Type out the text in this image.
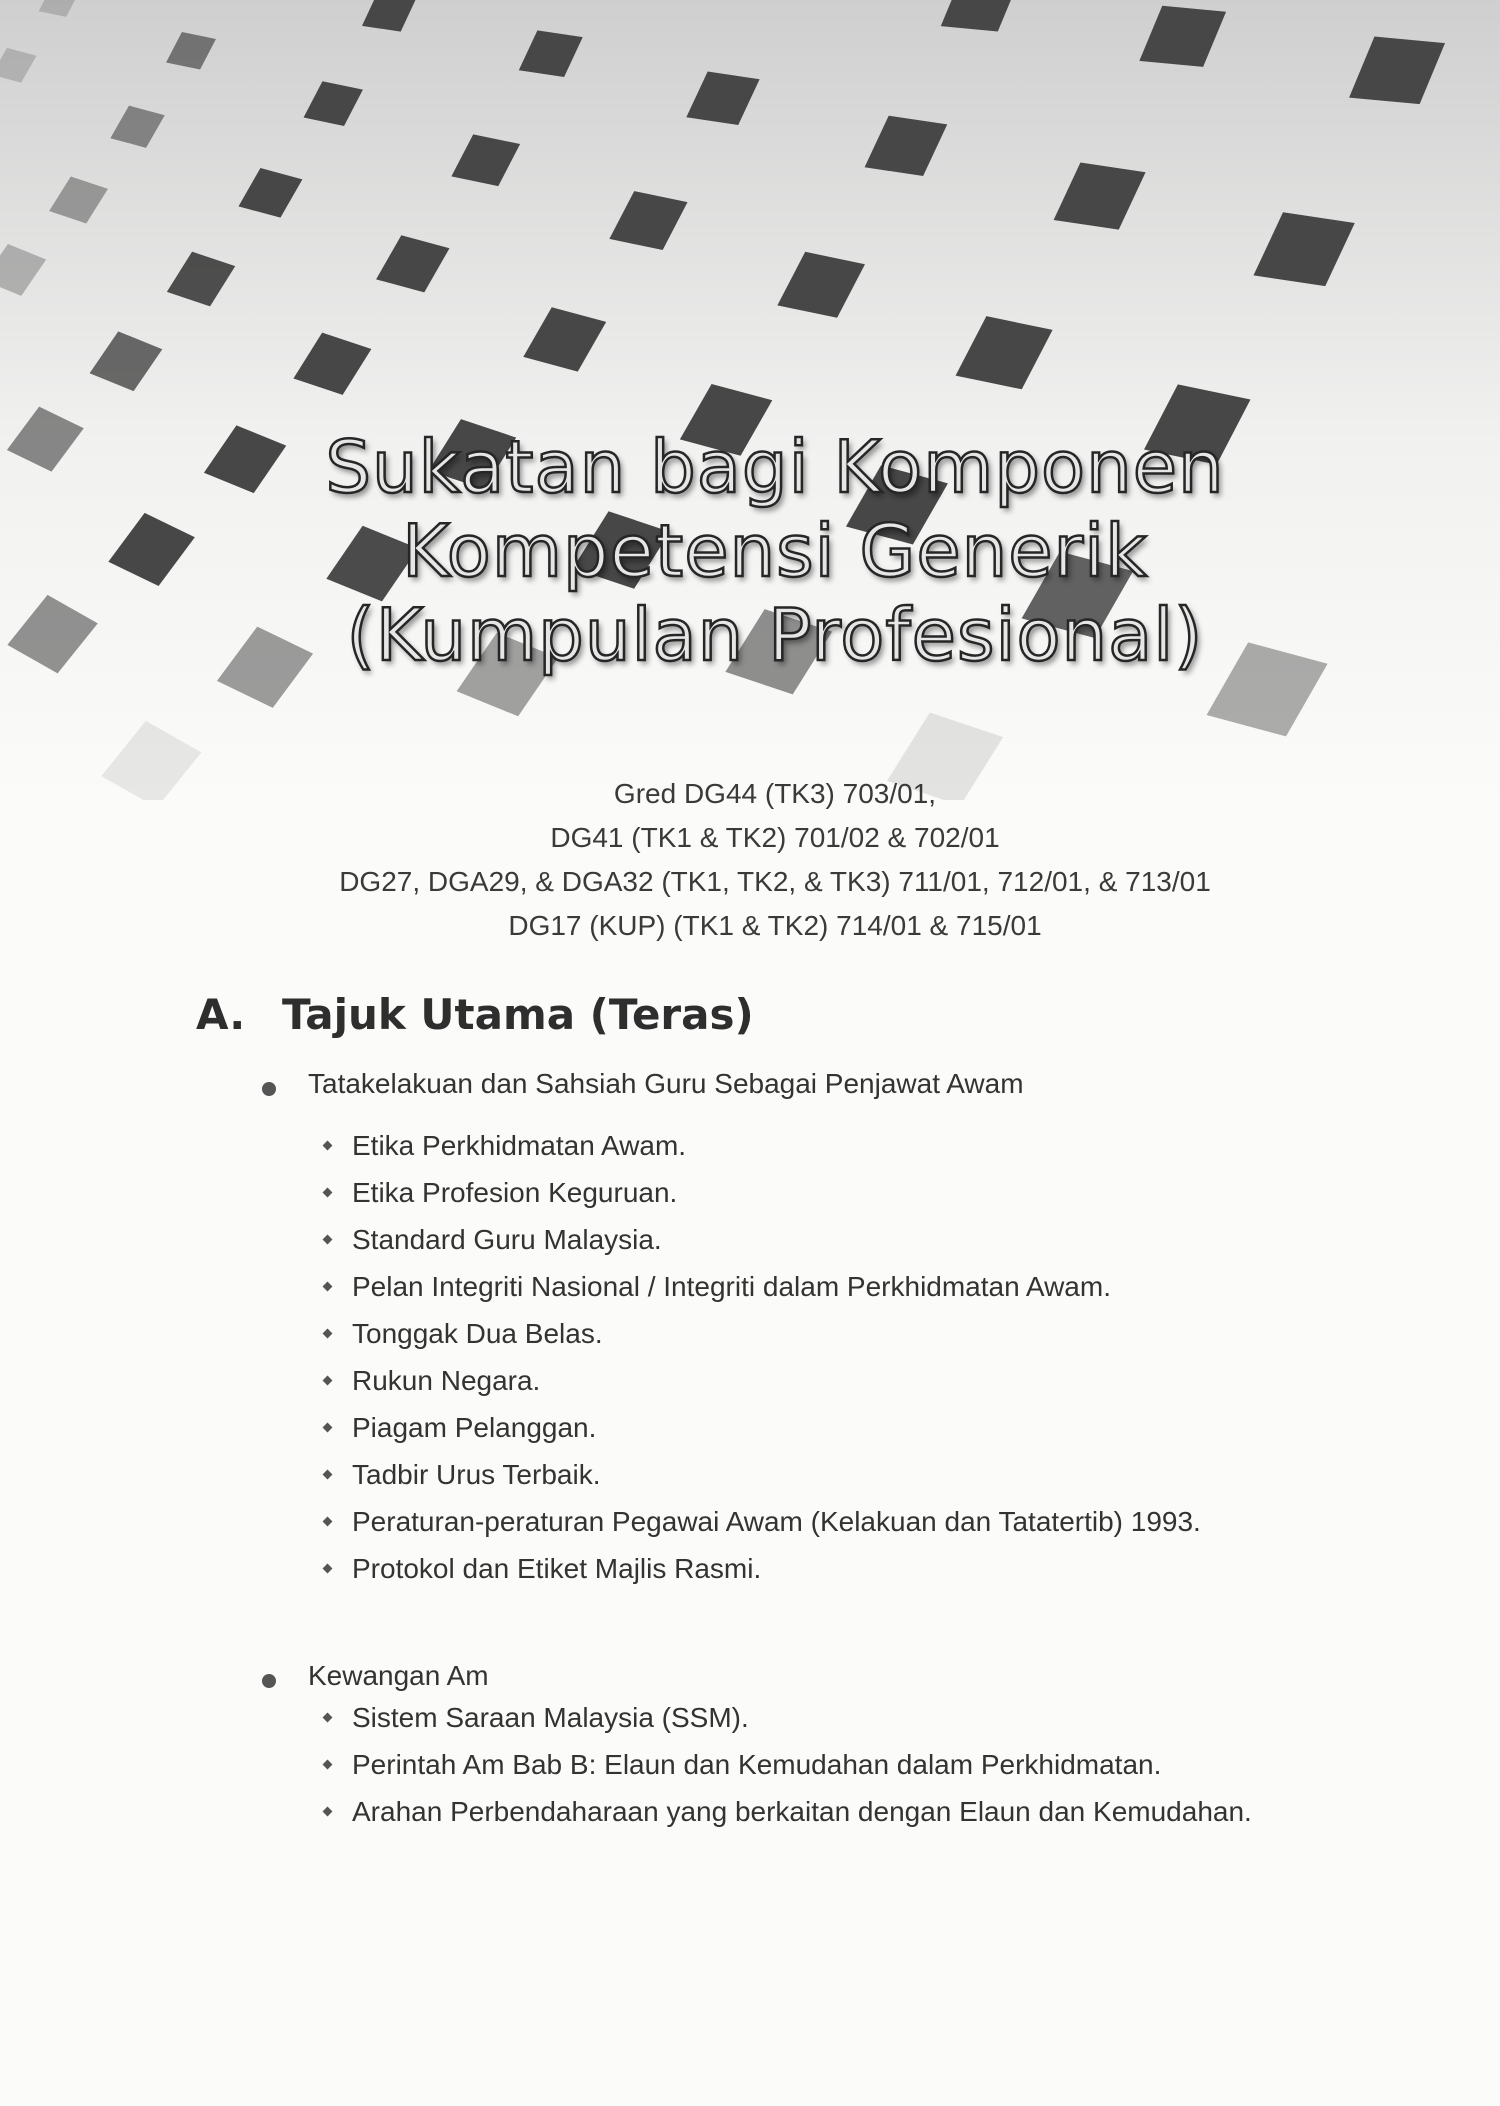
Sukatan bagi Komponen
Kompetensi Generik
(Kumpulan Profesional)
Gred DG44 (TK3) 703/01,
DG41 (TK1 & TK2) 701/02 & 702/01
DG27, DGA29, & DGA32 (TK1, TK2, & TK3) 711/01, 712/01, & 713/01
DG17 (KUP) (TK1 & TK2) 714/01 & 715/01
A. Tajuk Utama (Teras)
Tatakelakuan dan Sahsiah Guru Sebagai Penjawat Awam
Etika Perkhidmatan Awam.
Etika Profesion Keguruan.
Standard Guru Malaysia.
Pelan Integriti Nasional / Integriti dalam Perkhidmatan Awam.
Tonggak Dua Belas.
Rukun Negara.
Piagam Pelanggan.
Tadbir Urus Terbaik.
Peraturan-peraturan Pegawai Awam (Kelakuan dan Tatatertib) 1993.
Protokol dan Etiket Majlis Rasmi.
Kewangan Am
Sistem Saraan Malaysia (SSM).
Perintah Am Bab B: Elaun dan Kemudahan dalam Perkhidmatan.
Arahan Perbendaharaan yang berkaitan dengan Elaun dan Kemudahan.
